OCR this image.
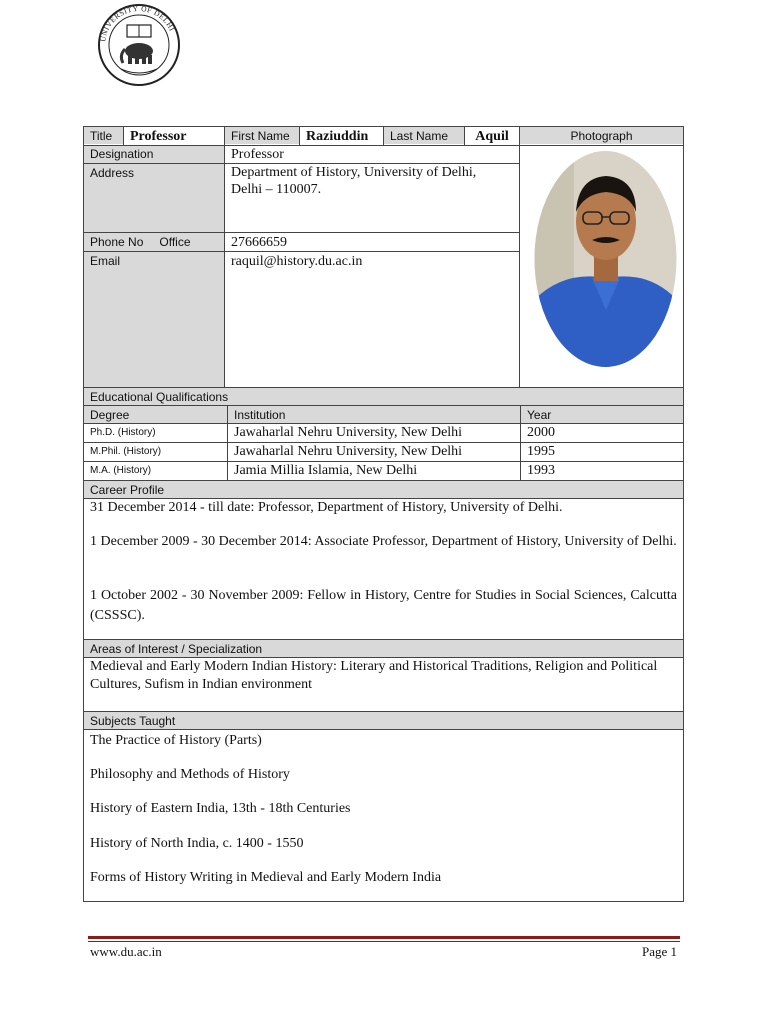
UNIVERSITY OF DELHI
Title	Professor	First Name	Raziuddin	Last Name	Aquil	Photograph
Designation	Professor
Address	Department of History, University of Delhi,
Delhi – 110007.
Phone No Office	27666659
Email	raquil@history.du.ac.in
Educational Qualifications
Degree	Institution	Year
Ph.D. (History)	Jawaharlal Nehru University, New Delhi	2000
M.Phil. (History)	Jawaharlal Nehru University, New Delhi	1995
M.A. (History)	Jamia Millia Islamia, New Delhi	1993
Career Profile
31 December 2014 - till date: Professor, Department of History, University of Delhi.
1 December 2009 - 30 December 2014: Associate Professor, Department of History, University of Delhi.
1 October 2002 - 30 November 2009: Fellow in History, Centre for Studies in Social Sciences, Calcutta (CSSSC).
Areas of Interest / Specialization
Medieval and Early Modern Indian History: Literary and Historical Traditions, Religion and Political Cultures, Sufism in Indian environment
Subjects Taught
The Practice of History (Parts)
Philosophy and Methods of History
History of Eastern India, 13th - 18th Centuries
History of North India, c. 1400 - 1550
Forms of History Writing in Medieval and Early Modern India
www.du.ac.in	Page 1
